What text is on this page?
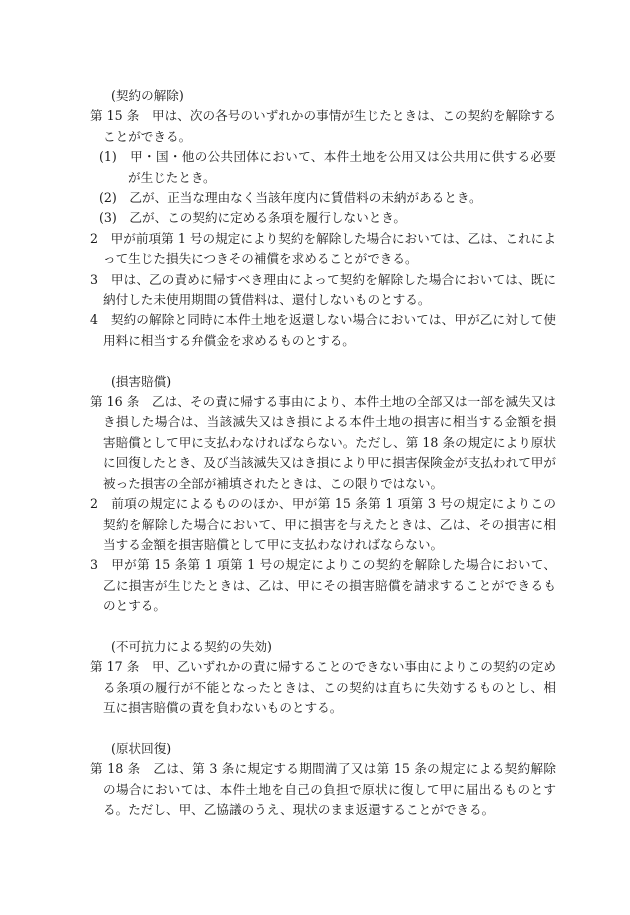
(契約の解除)

第 15 条　甲は、次の各号のいずれかの事情が生じたときは、この契約を解除することができる。

(1)　甲・国・他の公共団体において、本件土地を公用又は公共用に供する必要が生じたとき。

(2)　乙が、正当な理由なく当該年度内に賃借料の未納があるとき。

(3)　乙が、この契約に定める条項を履行しないとき。

2　甲が前項第 1 号の規定により契約を解除した場合においては、乙は、これによって生じた損失につきその補償を求めることができる。

3　甲は、乙の責めに帰すべき理由によって契約を解除した場合においては、既に納付した未使用期間の賃借料は、還付しないものとする。

4　契約の解除と同時に本件土地を返還しない場合においては、甲が乙に対して使用料に相当する弁償金を求めるものとする。

(損害賠償)

第 16 条　乙は、その責に帰する事由により、本件土地の全部又は一部を滅失又はき損した場合は、当該滅失又はき損による本件土地の損害に相当する金額を損害賠償として甲に支払わなければならない。ただし、第 18 条の規定により原状に回復したとき、及び当該滅失又はき損により甲に損害保険金が支払われて甲が被った損害の全部が補填されたときは、この限りではない。

2　前項の規定によるもののほか、甲が第 15 条第 1 項第 3 号の規定によりこの契約を解除した場合において、甲に損害を与えたときは、乙は、その損害に相当する金額を損害賠償として甲に支払わなければならない。

3　甲が第 15 条第 1 項第 1 号の規定によりこの契約を解除した場合において、乙に損害が生じたときは、乙は、甲にその損害賠償を請求することができるものとする。

(不可抗力による契約の失効)

第 17 条　甲、乙いずれかの責に帰することのできない事由によりこの契約の定める条項の履行が不能となったときは、この契約は直ちに失効するものとし、相互に損害賠償の責を負わないものとする。

(原状回復)

第 18 条　乙は、第 3 条に規定する期間満了又は第 15 条の規定による契約解除の場合においては、本件土地を自己の負担で原状に復して甲に届出るものとする。ただし、甲、乙協議のうえ、現状のまま返還することができる。
